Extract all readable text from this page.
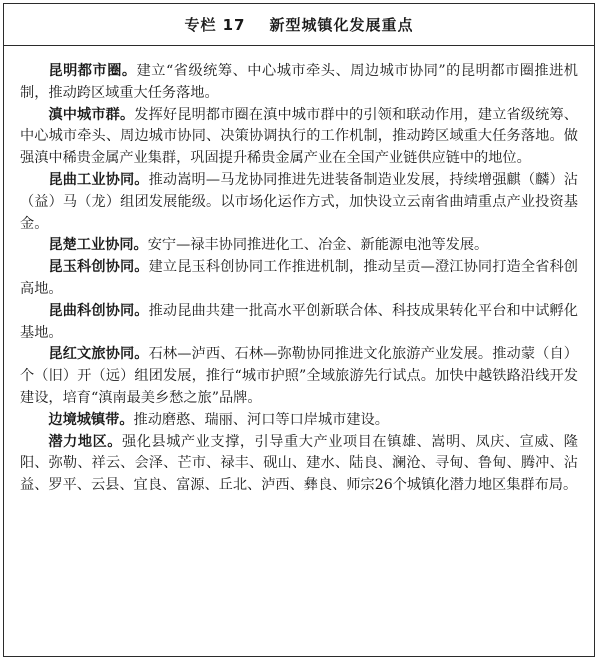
专栏 17 新型城镇化发展重点

昆明都市圈。建立“省级统筹、中心城市牵头、周边城市协同”的昆明都市圈推进机制，推动跨区域重大任务落地。

滇中城市群。发挥好昆明都市圈在滇中城市群中的引领和联动作用，建立省级统筹、中心城市牵头、周边城市协同、决策协调执行的工作机制，推动跨区域重大任务落地。做强滇中稀贵金属产业集群，巩固提升稀贵金属产业在全国产业链供应链中的地位。

昆曲工业协同。推动嵩明—马龙协同推进先进装备制造业发展，持续增强麒（麟）沾（益）马（龙）组团发展能级。以市场化运作方式，加快设立云南省曲靖重点产业投资基金。

昆楚工业协同。安宁—禄丰协同推进化工、冶金、新能源电池等发展。

昆玉科创协同。建立昆玉科创协同工作推进机制，推动呈贡—澄江协同打造全省科创高地。

昆曲科创协同。推动昆曲共建一批高水平创新联合体、科技成果转化平台和中试孵化基地。

昆红文旅协同。石林—泸西、石林—弥勒协同推进文化旅游产业发展。推动蒙（自）个（旧）开（远）组团发展，推行“城市护照”全域旅游先行试点。加快中越铁路沿线开发建设，培育“滇南最美乡愁之旅”品牌。

边境城镇带。推动磨憨、瑞丽、河口等口岸城市建设。

潜力地区。强化县城产业支撑，引导重大产业项目在镇雄、嵩明、凤庆、宣威、隆阳、弥勒、祥云、会泽、芒市、禄丰、砚山、建水、陆良、澜沧、寻甸、鲁甸、腾冲、沾益、罗平、云县、宜良、富源、丘北、泸西、彝良、师宗26个城镇化潜力地区集群布局。
